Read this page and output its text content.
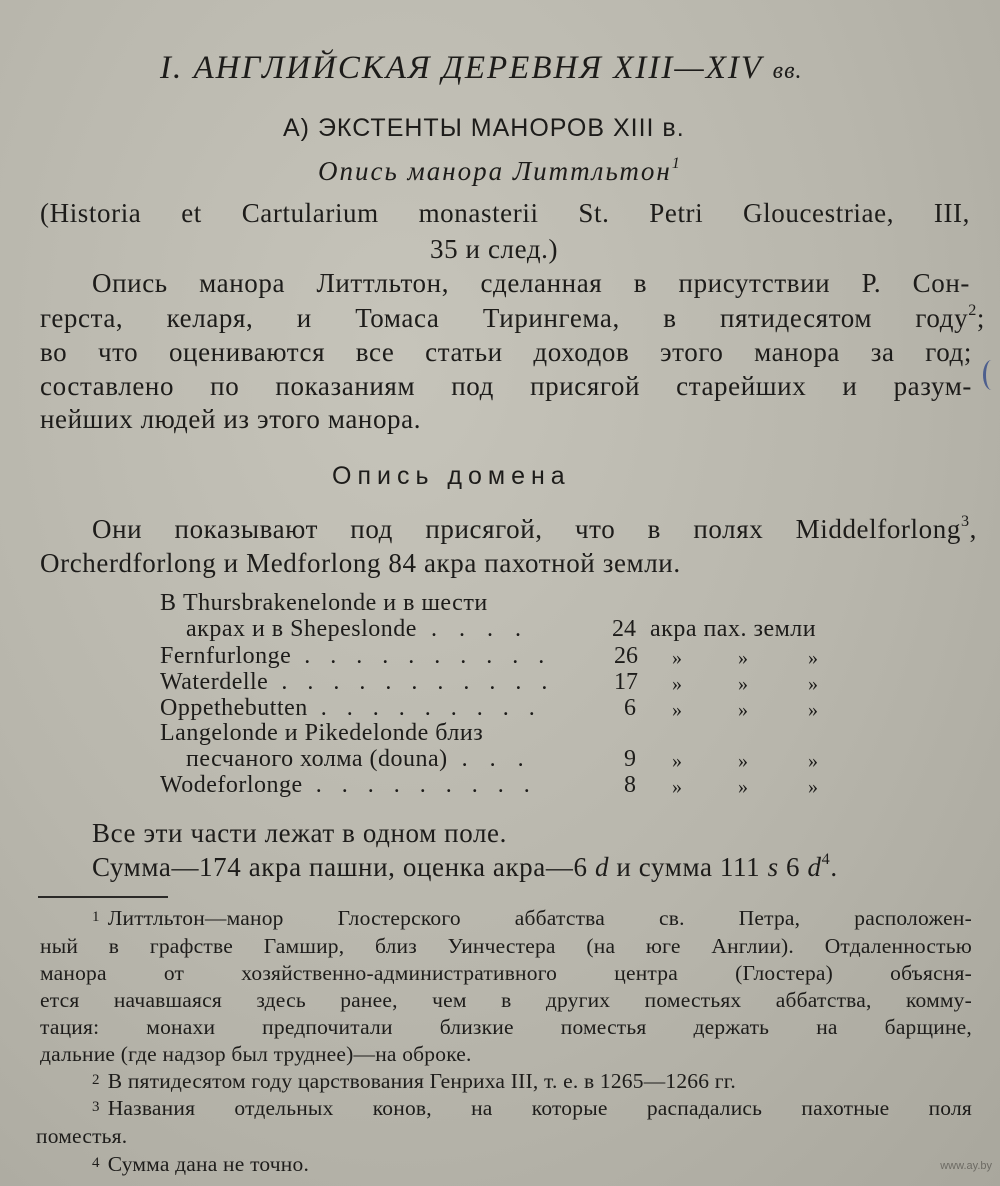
I. АНГЛИЙСКАЯ ДЕРЕВНЯ XIII—XIV вв.
А) ЭКСТЕНТЫ МАНОРОВ XIII в.
Опись манора Литтльтон$^1$
(Historia et Cartularium monasterii St. Petri Gloucestriae, III,
35 и след.)
Опись манора Литтльтон, сделанная в присутствии Р. Сон-
герста, келаря, и Томаса Тирингема, в пятидесятом году$^2$;
во что оцениваются все статьи доходов этого манора за год;
составлено по показаниям под присягой старейших и разум-
нейших людей из этого манора.
Опись домена
Они показывают под присягой, что в полях Middelforlong$^3$,
Orcherdforlong и Medforlong 84 акра пахотной земли.
В Thursbrakenelonde и в шести
акрах и в Shepeslonde . . . .	24 акра пах. земли
Fernfurlonge . . . . . . . . . .	26	»	»	»
Waterdelle . . . . . . . . . . . 17	»	»	»
Oppethebutten . . . . . . . . .	6 »	»	»
Langelonde и Pikedelonde близ
песчаного холма (douna) . . .	9 »	»	»
Wodeforlonge . . . . . . . . .	8 »	»	»
Все эти части лежат в одном поле.
Сумма—174 акра пашни, оценка акра—6 d и сумма 111 s 6 $d^4$.
1 Литтльтон—манор Глостерского аббатства св. Петра, расположен-
ный в графстве Гамшир, близ Уинчестера (на юге Англии). Отдаленностью
манора от хозяйственно-административного центра (Глостера) объясня-
ется начавшаяся здесь ранее, чем в других поместьях аббатства, комму-
тация: монахи предпочитали близкие поместья держать на барщине,
дальние (где надзор был труднее)—на оброке.
2 В пятидесятом году царствования Генриха III, т. е. в 1265—1266 гг.
3 Названия отдельных конов, на которые распадались пахотные поля
поместья.
4 Сумма дана не точно.	www.ay.by
